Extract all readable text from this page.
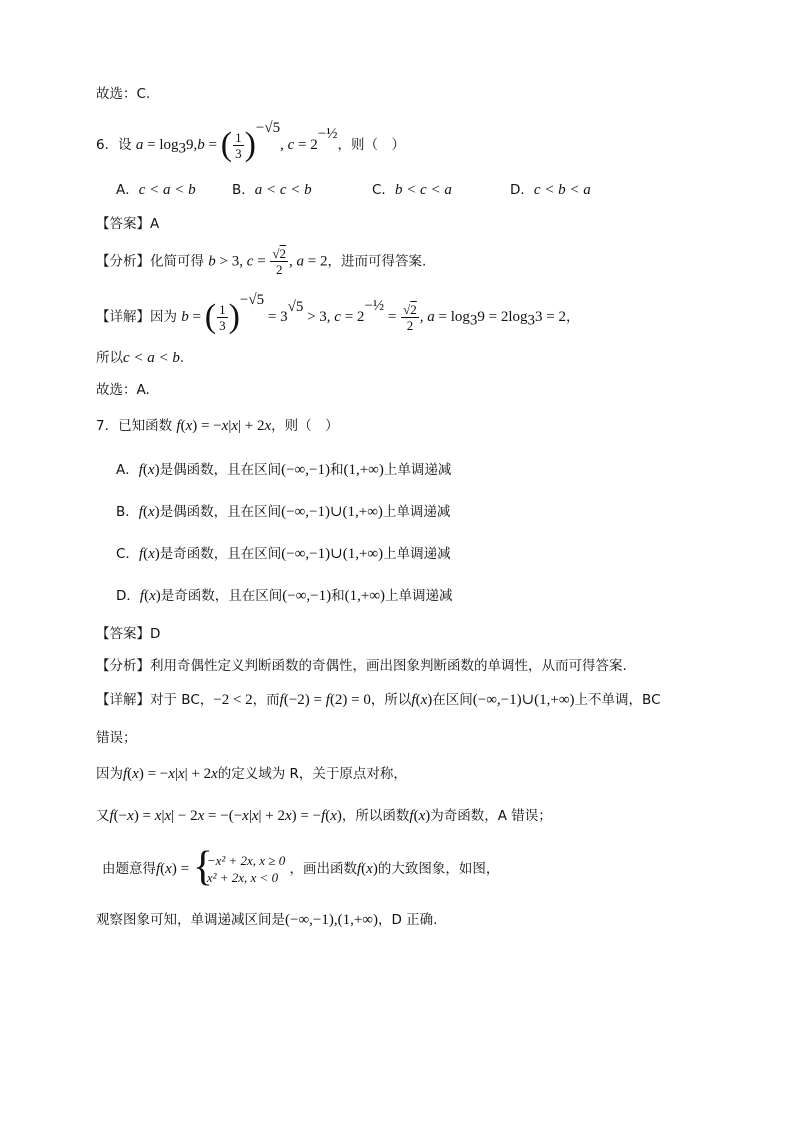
故选：C.
6．设 $a = \log_39,b$ = ( $\frac{1}{3} )^{-√5}$, $c = 2^{-\frac{1}{2}}$，则（　）
A．c < a < b	B．a < c < b	C．b < c < a	D．c < b < a
【答案】A
【分析】化简可得 b > 3, $c = \frac{√2}{2}$ , a = 2，进而可得答案.
【详解】因为 b = ( $\frac{1}{3} )^{-√5} = 3^{√5} > 3$, $c = 2^{-\frac{1}{2}} = \frac{√2}{2}$ , $a = \log_39 = 2\log_33 = 2$，
所以c < a < b.
故选：A.
7．已知函数 f(x) = −x|x| + 2x，则（　）
A．f(x)是偶函数，且在区间(−∞,−1)和(1,+∞)上单调递减
B．f(x)是偶函数，且在区间(−∞,−1)∪(1,+∞)上单调递减
C．f(x)是奇函数，且在区间(−∞,−1)∪(1,+∞)上单调递减
D．f(x)是奇函数，且在区间(−∞,−1)和(1,+∞)上单调递减
【答案】D
【分析】利用奇偶性定义判断函数的奇偶性，画出图象判断函数的单调性，从而可得答案.
【详解】对于 BC，−2 < 2，而f(−2) = f(2) = 0，所以f(x)在区间(−∞,−1)∪(1,+∞)上不单调，BC
错误；
因为f(x) = −x|x| + 2x的定义域为 R，关于原点对称，
又f(−x) = x|x| − 2x = −(−x|x| + 2x) = −f(x)，所以函数f(x)为奇函数，A 错误；
由题意得f(x) = {
−x² + 2x, x ≥ 0
x² + 2x, x < 0
，画出函数f(x)的大致图象，如图，
观察图象可知，单调递减区间是(−∞,−1),(1,+∞)，D 正确.
